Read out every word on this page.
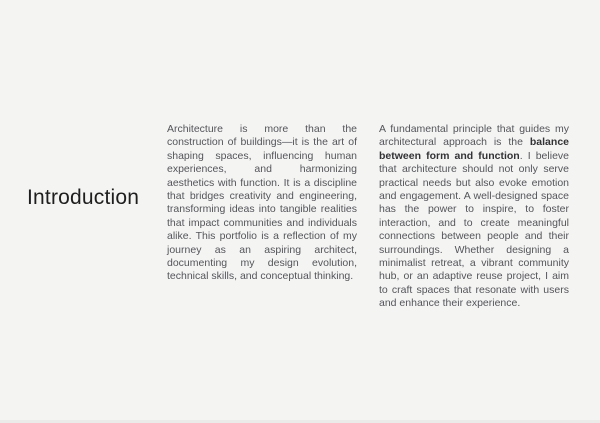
Introduction

Architecture is more than the construction of buildings—it is the art of shaping spaces, influencing human experiences, and harmonizing aesthetics with function. It is a discipline that bridges creativity and engineering, transforming ideas into tangible realities that impact communities and individuals alike. This portfolio is a reflection of my journey as an aspiring architect, documenting my design evolution, technical skills, and conceptual thinking.

A fundamental principle that guides my architectural approach is the balance between form and function. I believe that architecture should not only serve practical needs but also evoke emotion and engagement. A well-designed space has the power to inspire, to foster interaction, and to create meaningful connections between people and their surroundings. Whether designing a minimalist retreat, a vibrant community hub, or an adaptive reuse project, I aim to craft spaces that resonate with users and enhance their experience.
